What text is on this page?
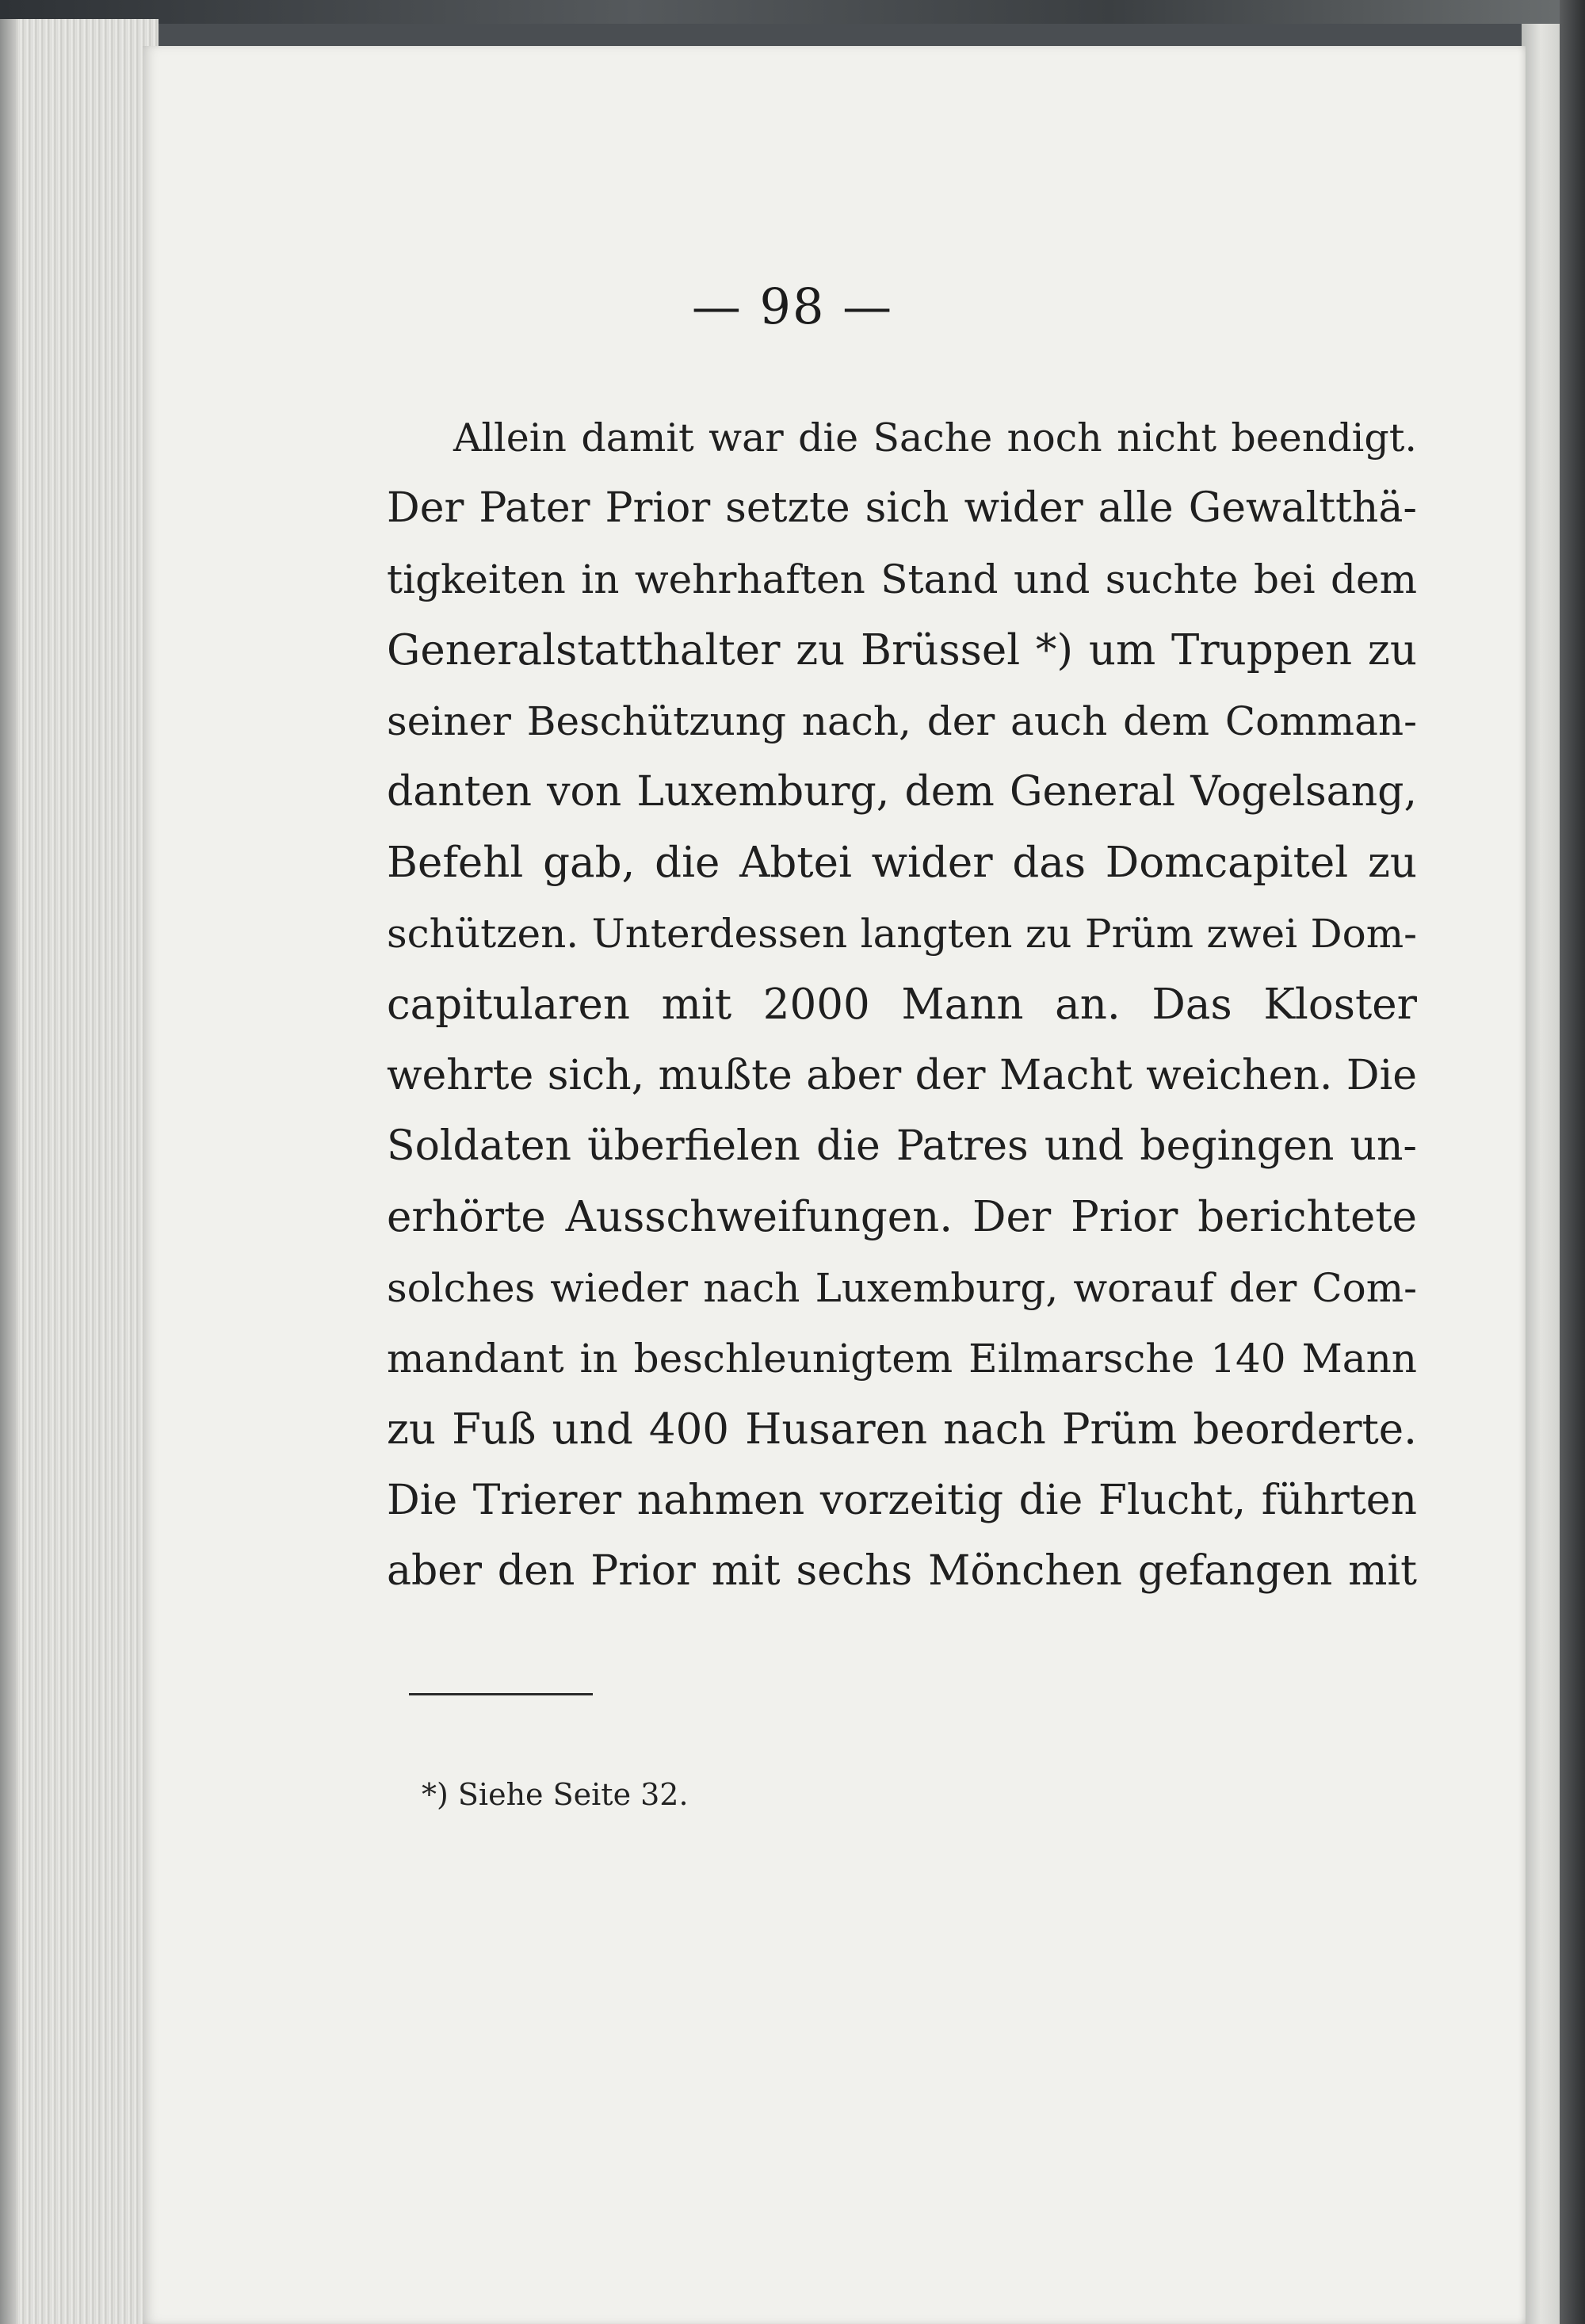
— 98 —
Allein damit war die Sache noch nicht beendigt.
Der Pater Prior setzte sich wider alle Gewaltthä-
tigkeiten in wehrhaften Stand und suchte bei dem
Generalstatthalter zu Brüssel *) um Truppen zu
seiner Beschützung nach, der auch dem Comman-
danten von Luxemburg, dem General Vogelsang,
Befehl gab, die Abtei wider das Domcapitel zu
schützen. Unterdessen langten zu Prüm zwei Dom-
capitularen mit 2000 Mann an. Das Kloster
wehrte sich, mußte aber der Macht weichen. Die
Soldaten überfielen die Patres und begingen un-
erhörte Ausschweifungen. Der Prior berichtete
solches wieder nach Luxemburg, worauf der Com-
mandant in beschleunigtem Eilmarsche 140 Mann
zu Fuß und 400 Husaren nach Prüm beorderte.
Die Trierer nahmen vorzeitig die Flucht, führten
aber den Prior mit sechs Mönchen gefangen mit
*) Siehe Seite 32.
